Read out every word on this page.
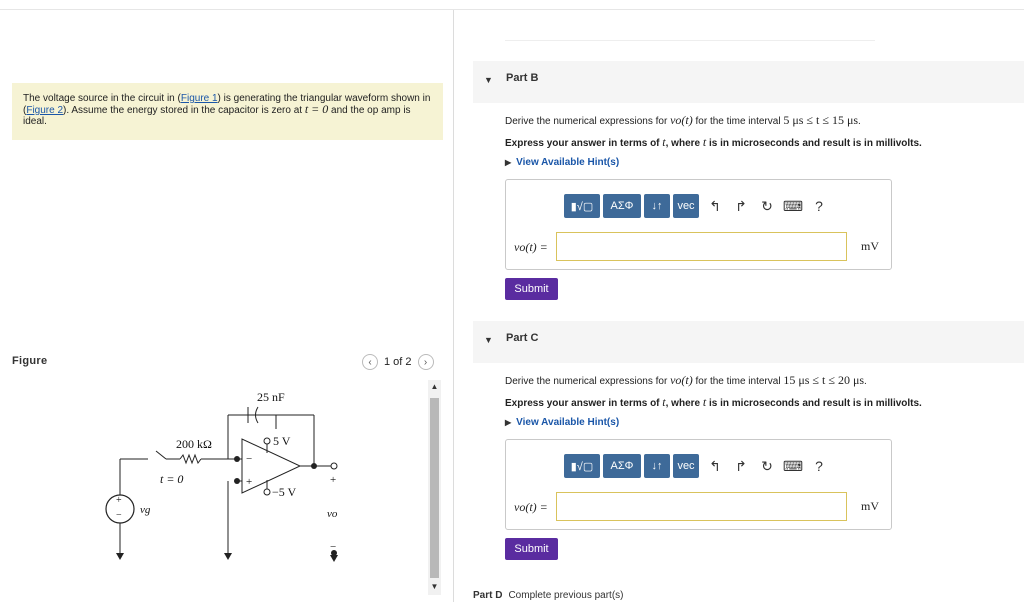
The voltage source in the circuit in (Figure 1) is generating the triangular waveform shown in (Figure 2). Assume the energy stored in the capacitor is zero at t = 0 and the op amp is ideal.
Figure	‹	1 of 2	›
25 nF
200 kΩ	5 V
−5 V
t = 0
vg	vo
+
−
+
−
−
+
▲
▼
▼ Part B
Derive the numerical expressions for vo(t) for the time interval 5 μs ≤ t ≤ 15 μs.
Express your answer in terms of t, where t is in microseconds and result is in millivolts.
▶ View Available Hint(s)
▮√▢	ΑΣΦ	↓↑	vec	↰	↱	↻ ⌨ ?
vo(t) =	mV
Submit
▼ Part C
Derive the numerical expressions for vo(t) for the time interval 15 μs ≤ t ≤ 20 μs.
Express your answer in terms of t, where t is in microseconds and result is in millivolts.
▶ View Available Hint(s)
▮√▢	ΑΣΦ	↓↑	vec	↰	↱	↻ ⌨ ?
vo(t) =	mV
Submit
Part D Complete previous part(s)
